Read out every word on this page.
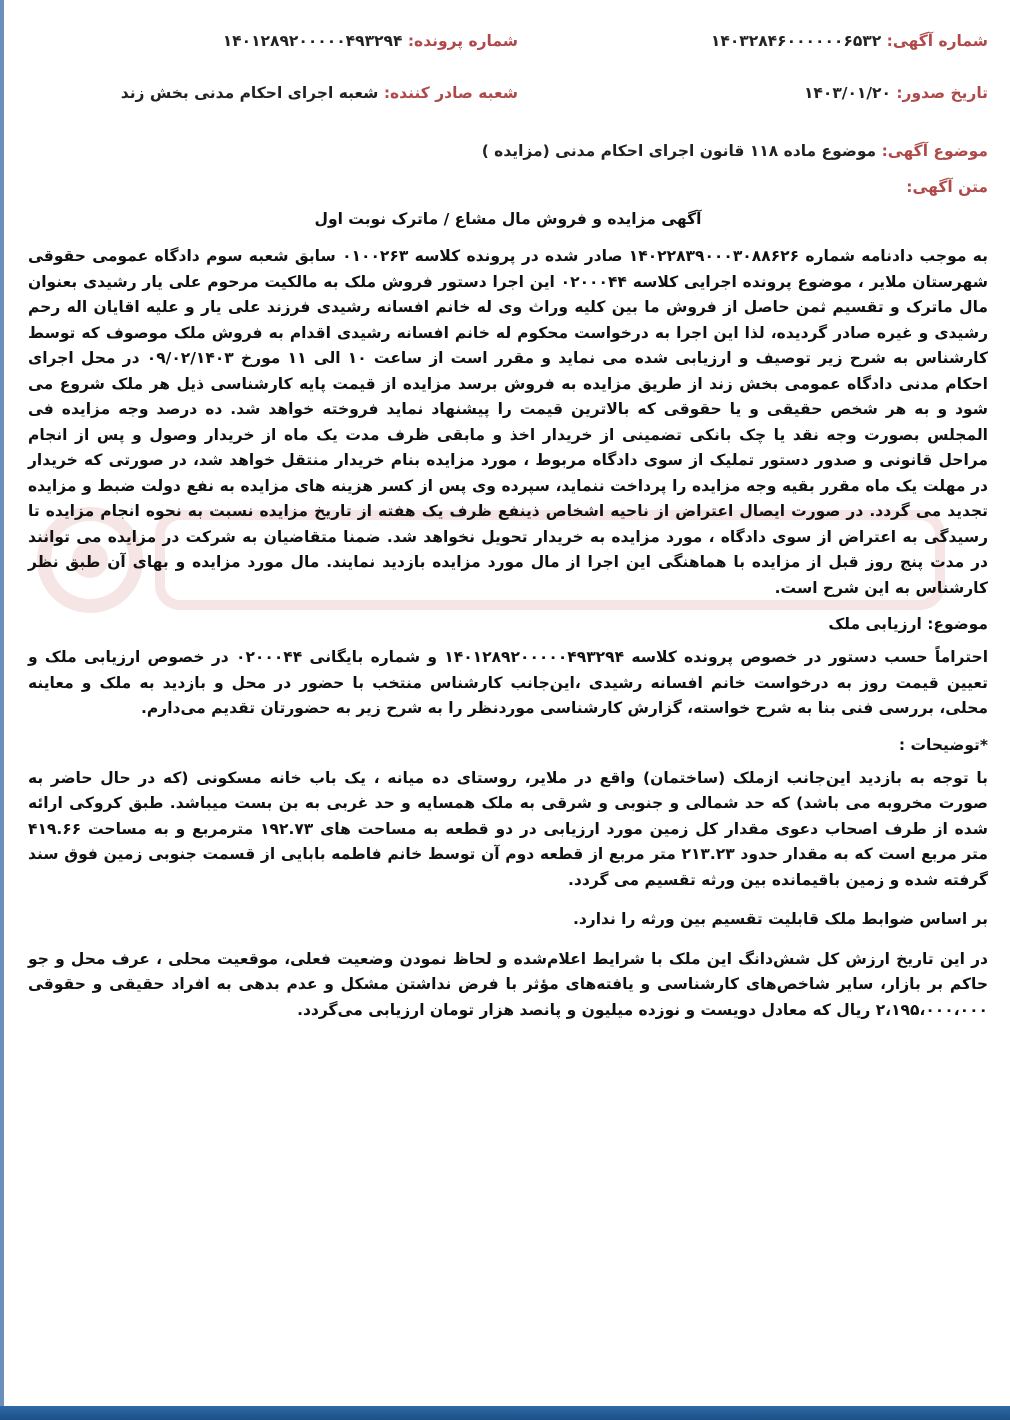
شماره آگهی: ۱۴۰۳۲۸۴۶۰۰۰۰۰۰۶۵۳۲
شماره پرونده: ۱۴۰۱۲۸۹۲۰۰۰۰۰۴۹۳۲۹۴
تاریخ صدور: ۱۴۰۳/۰۱/۲۰
شعبه صادر کننده: شعبه اجرای احکام مدنی بخش زند
موضوع آگهی: موضوع ماده ۱۱۸ قانون اجرای احکام مدنی (مزایده )
متن آگهی:
آگهی مزایده و فروش مال مشاع / ماترک نوبت اول

به موجب دادنامه شماره ۱۴۰۲۲۸۳۹۰۰۰۳۰۸۸۶۲۶ صادر شده در پرونده کلاسه ۰۱۰۰۲۶۳ سابق شعبه سوم دادگاه عمومی حقوقی شهرستان ملایر ، موضوع پرونده اجرایی کلاسه ۰۲۰۰۰۴۴ این اجرا دستور فروش ملک به مالکیت مرحوم علی یار رشیدی بعنوان مال ماترک و تقسیم ثمن حاصل از فروش ما بین کلیه وراث وی له خانم افسانه رشیدی فرزند علی یار و علیه اقایان اله رحم رشیدی و غیره صادر گردیده، لذا این اجرا به درخواست محکوم له خانم افسانه رشیدی اقدام به فروش ملک موصوف که توسط کارشناس به شرح زیر توصیف و ارزیابی شده می نماید و مقرر است از ساعت ۱۰ الی ۱۱ مورخ ۰۹/۰۲/۱۴۰۳ در محل اجرای احکام مدنی دادگاه عمومی بخش زند از طریق مزایده به فروش برسد مزایده از قیمت پایه کارشناسی ذیل هر ملک شروع می شود و به هر شخص حقیقی و یا حقوقی که بالاترین قیمت را پیشنهاد نماید فروخته خواهد شد. ده درصد وجه مزایده فی المجلس بصورت وجه نقد یا چک بانکی تضمینی از خریدار اخذ و مابقی ظرف مدت یک ماه از خریدار وصول و پس از انجام مراحل قانونی و صدور دستور تملیک از سوی دادگاه مربوط ، مورد مزایده بنام خریدار منتقل خواهد شد، در صورتی که خریدار در مهلت یک ماه مقرر بقیه وجه مزایده را پرداخت ننماید، سپرده وی پس از کسر هزینه های مزایده به نفع دولت ضبط و مزایده تجدید می گردد. در صورت ایصال اعتراض از ناحیه اشخاص ذینفع ظرف یک هفته از تاریخ مزایده نسبت به نحوه انجام مزایده تا رسیدگی به اعتراض از سوی دادگاه ، مورد مزایده به خریدار تحویل نخواهد شد. ضمنا متقاضیان به شرکت در مزایده می توانند در مدت پنج روز قبل از مزایده با هماهنگی این اجرا از مال مورد مزایده بازدید نمایند. مال مورد مزایده و بهای آن طبق نظر کارشناس به این شرح است.

موضوع: ارزیابی ملک

احتراماً حسب دستور در خصوص پرونده کلاسه ۱۴۰۱۲۸۹۲۰۰۰۰۰۴۹۳۲۹۴ و شماره بایگانی ۰۲۰۰۰۴۴ در خصوص ارزیابی ملک و تعیین قیمت روز به درخواست خانم افسانه رشیدی ،این‌جانب کارشناس منتخب با حضور در محل و بازدید به ملک و معاینه محلی، بررسی فنی بنا به شرح خواسته، گزارش کارشناسی موردنظر را به شرح زیر به حضورتان تقدیم می‌دارم.

*توضیحات :

با توجه به بازدید این‌جانب ازملک (ساختمان) واقع در ملایر، روستای ده میانه ، یک باب خانه مسکونی (که در حال حاضر به صورت مخروبه می باشد) که حد شمالی و جنوبی و شرقی به ملک همسایه و حد غربی به بن بست میباشد. طبق کروکی ارائه شده از طرف اصحاب دعوی مقدار کل زمین مورد ارزیابی در دو قطعه به مساحت های ۱۹۲.۷۳ مترمربع و به مساحت ۴۱۹.۶۶ متر مربع است که به مقدار حدود ۲۱۳.۲۳ متر مربع از قطعه دوم آن توسط خانم فاطمه بابایی از قسمت جنوبی زمین فوق سند گرفته شده و زمین باقیمانده بین ورثه تقسیم می گردد.

بر اساس ضوابط ملک قابلیت تقسیم بین ورثه را ندارد.

در این تاریخ ارزش کل شش‌دانگ این ملک با شرایط اعلام‌شده و لحاظ نمودن وضعیت فعلی، موقعیت محلی ، عرف محل و جو حاکم بر بازار، سایر شاخص‌های کارشناسی و یافته‌های مؤثر با فرض نداشتن مشکل و عدم بدهی به افراد حقیقی و حقوقی ۲،۱۹۵،۰۰۰،۰۰۰ ریال که معادل دویست و نوزده میلیون و پانصد هزار تومان ارزیابی می‌گردد.
